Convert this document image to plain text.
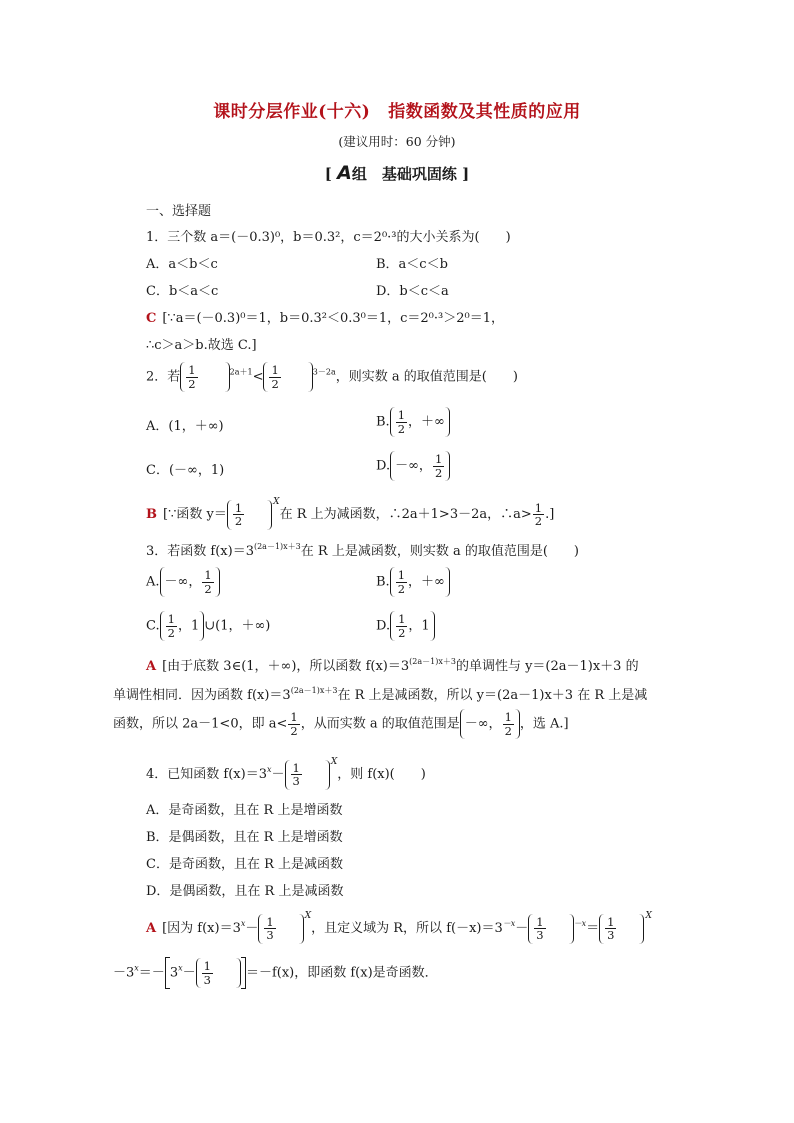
课时分层作业(十六) 指数函数及其性质的应用
(建议用时：60 分钟)
[ A组　基础巩固练 ]
一、选择题
1．三个数 a＝(－0.3)⁰，b＝0.3²，c＝2⁰·³的大小关系为(　　)
A．a＜b＜c	B．a＜c＜b
C．b＜a＜c	D．b＜c＜a
C [∵a＝(－0.3)⁰＝1，b＝0.3²＜0.3⁰＝1，c＝2⁰·³＞2⁰＝1，
∴c＞a＞b.故选 C.]
2．若 $\frac{1}{2}$	$^{2a+1}< \frac{1}{2}$	$^{3-2a}$，则实数 a 的取值范围是(　　)
A．(1，＋∞)	B. $\frac{1}{2}$ ，＋∞
C．(－∞，1)	D. －∞， $\frac{1}{2}$
B [∵函数 $y= \frac{1}{2}$	$^X$在 R 上为减函数，∴2a＋1>3－2a，∴a> $\frac{1}{2}$ .]
3．若函数 $f(x)=3^{(2a-1)x+3}$在 R 上是减函数，则实数 a 的取值范围是(　　)
A. －∞， $\frac{1}{2}$	B. $\frac{1}{2}$ ，＋∞
C. $\frac{1}{2}$ ，1 ∪(1，＋∞)	D. $\frac{1}{2}$ ，1
A [由于底数 3∈(1，＋∞)，所以函数 $f(x)=3^{(2a-1)x+3}$的单调性与 y＝(2a－1)x＋3 的
单调性相同．因为函数 $f(x)=3^{(2a-1)x+3}$在 R 上是减函数，所以 y＝(2a－1)x＋3 在 R 上是减
函数，所以 2a－1<0，即 $a< \frac{1}{2}$ ，从而实数 a 的取值范围是 －∞， $\frac{1}{2}$ ，选 A.]
4．已知函数 $f(x)=3^x- \frac{1}{3}$	$^X$，则 f(x)(　　)
A．是奇函数，且在 R 上是增函数
B．是偶函数，且在 R 上是增函数
C．是奇函数，且在 R 上是减函数
D．是偶函数，且在 R 上是减函数
A [因为 $f(x)=3^x- \frac{1}{3}$	$^X$，且定义域为 R，所以 $f(-x)=3^{-x}- \frac{1}{3}$	$^{-x}= \frac{1}{3}$	$^X$
$-3^x=- 3^x- \frac{1}{3}$	＝－f(x)，即函数 f(x)是奇函数．
